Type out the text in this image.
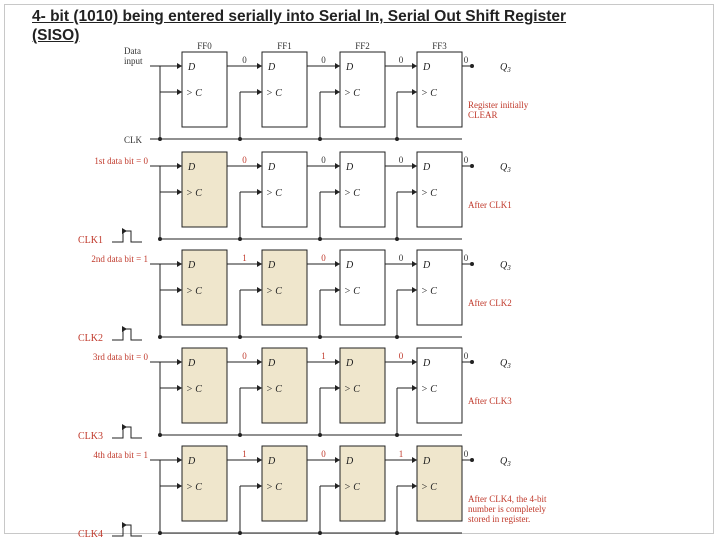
4- bit (1010) being entered serially into Serial In, Serial Out Shift Register
(SISO)
FF0	FF1	FF2	FF3
Data
input
D
> C
D
> C
D
> C
D
> C
0	0	0	0
$Q_3$
CLK
Register initially
CLEAR
1st data bit = 0
D
> C
D
> C
D
> C
D
> C
0	0	0	0
$Q_3$
CLK1
After CLK1
2nd data bit = 1
D
> C
D
> C
D
> C
D
> C
1	0	0	0
$Q_3$
CLK2
After CLK2
3rd data bit = 0
D
> C
D
> C
D
> C
D
> C
0	1	0	0
$Q_3$
CLK3
After CLK3
4th data bit = 1
D
> C
D
> C
D
> C
D
> C
1	0	1	0
$Q_3$
CLK4
After CLK4, the 4-bit
number is completely
stored in register.
